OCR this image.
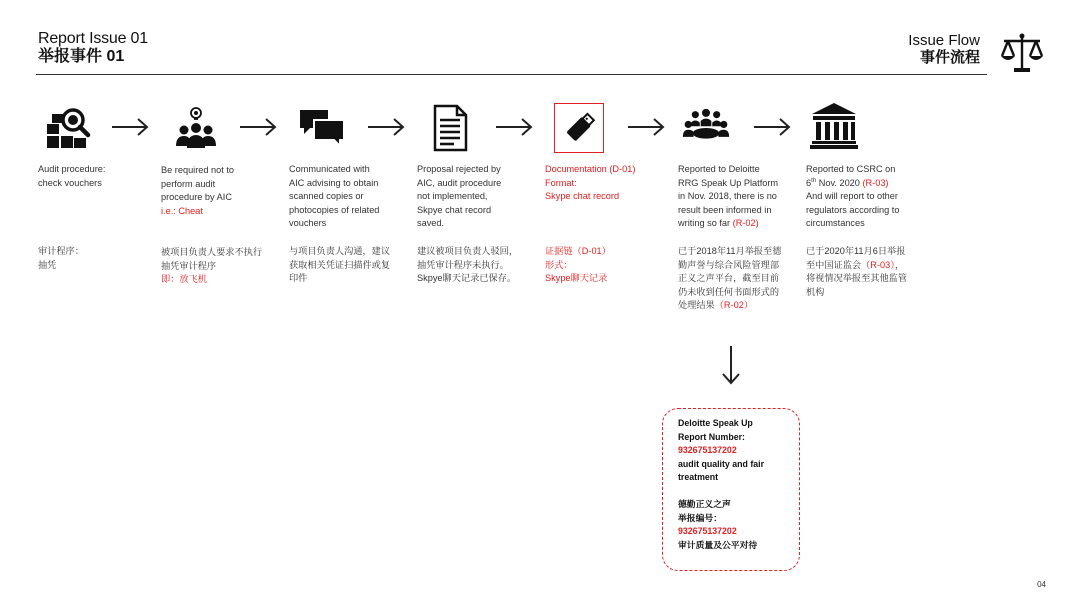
Report Issue 01
举报事件 01
Issue Flow
事件流程
Audit procedure:
check vouchers
审计程序：
抽凭
Be required not to
perform audit
procedure by AIC
i.e.: Cheat
被项目负责人要求不执行
抽凭审计程序
即：放飞机
Communicated with
AIC advising to obtain
scanned copies or
photocopies of related
vouchers
与项目负责人沟通，建议
获取相关凭证扫描件或复
印件
Proposal rejected by
AIC, audit procedure
not implemented,
Skpye chat record
saved.
建议被项目负责人驳回，
抽凭审计程序未执行。
Skpye聊天记录已保存。
Documentation (D-01)
Format:
Skype chat record
证据链（D-01）
形式：
Skype聊天记录
Reported to Deloitte
RRG Speak Up Platform
in Nov. 2018, there is no
result been informed in
writing so far (R-02)
已于2018年11月举报至德
勤声誉与综合风险管理部
正义之声平台，截至目前
仍未收到任何书面形式的
处理结果（R-02）
Reported to CSRC on
6th Nov. 2020 (R-03)
And will report to other
regulators according to
circumstances
已于2020年11月6日举报
至中国证监会（R-03），
将视情况举报至其他监管
机构
Deloitte Speak Up
Report Number:
932675137202
audit quality and fair
treatment
德勤正义之声
举报编号：
932675137202
审计质量及公平对待
04
